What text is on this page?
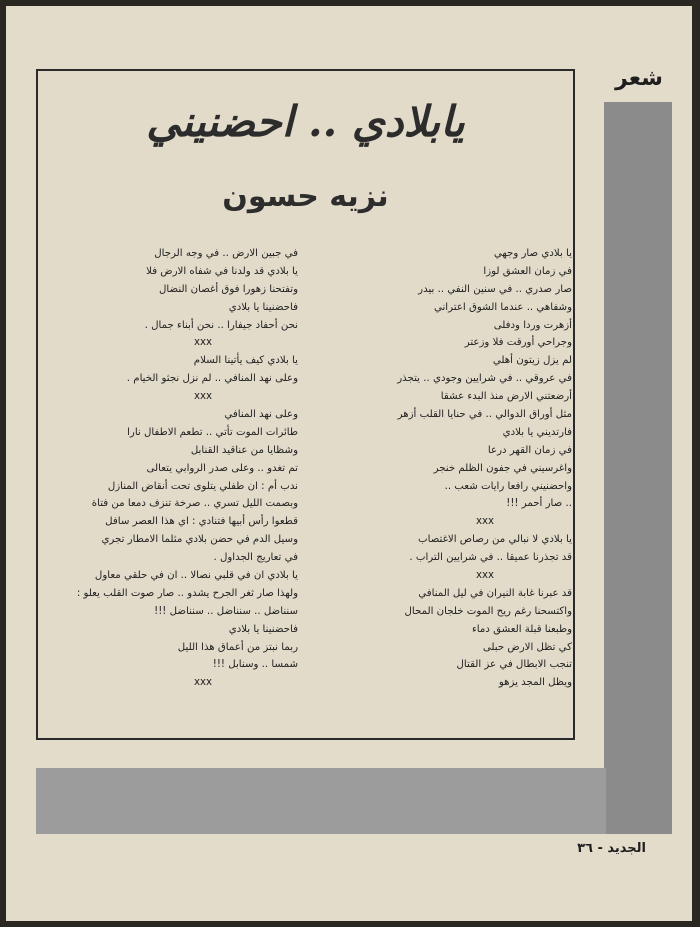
شعر
يابلادي .. احضنيني
نزيه حسون
يا بلادي صار وجهي
في زمان العشق لوزا
صار صدري .. في سنين النفي .. بيدر
وشفاهي .. عندما الشوق اعتراني
أزهرت وردا ودفلى
وجراحي أورقت فلا وزعتر
لم يزل زيتون أهلي
في عروقي .. في شرايين وجودي .. يتجذر
أرضعتني الارض منذ البدء عشقا
مثل أوراق الدوالي .. في حنايا القلب أزهر
فارتديني يا بلادي
في زمان القهر درعا
واغرسيني في جفون الظلم خنجر
واحضنيني رافعا رايات شعب ..
.. صار أحمر !!!
xxx
يا بلادي لا نبالي من رصاص الاغتصاب
قد تجذرنا عميقا .. في شرايين التراب .
xxx
قد عبرنا غابة النيران في ليل المنافي
واكتسحنا رغم ريح الموت خلجان المحال
وطبعنا قبلة العشق دماء
كي تظل الارض حبلى
تنجب الابطال في عز القتال
ويظل المجد يزهو
في جبين الارض .. في وجه الرجال
يا بلادي قد ولدنا في شفاه الارض فلا
وتفتحنا زهورا فوق أغصان النضال
فاحضنينا يا بلادي
نحن أحفاد جيفارا .. نحن أبناء جمال .
xxx
يا بلادي كيف يأتينا السلام
وعلى نهد المنافي .. لم نزل نجثو الخيام .
xxx
وعلى نهد المنافي
طائرات الموت تأتي .. تطعم الاطفال نارا
وشظايا من عناقيد القنابل
تم تغدو .. وعلى صدر الروابي يتعالى
ندب أم : ان طفلي يتلوى تحت أنقاض المنازل
وبصمت الليل تسري .. صرخة تنزف دمعا من فتاة
قطعوا رأس أبيها فتنادي : اي هذا العصر سافل
وسيل الدم في حضن بلادي مثلما الامطار تجري
في تعاريج الجداول .
يا بلادي ان في قلبي نصالا .. ان في حلقي معاول
ولهذا صار ثغر الجرح يشدو .. صار صوت القلب يعلو :
سنناضل .. سنناضل .. سنناضل !!!
فاحضنينا يا بلادي
ربما نبتز من أعماق هذا الليل
شمسا .. وسنابل !!!
xxx
الجديد - ٣٦
